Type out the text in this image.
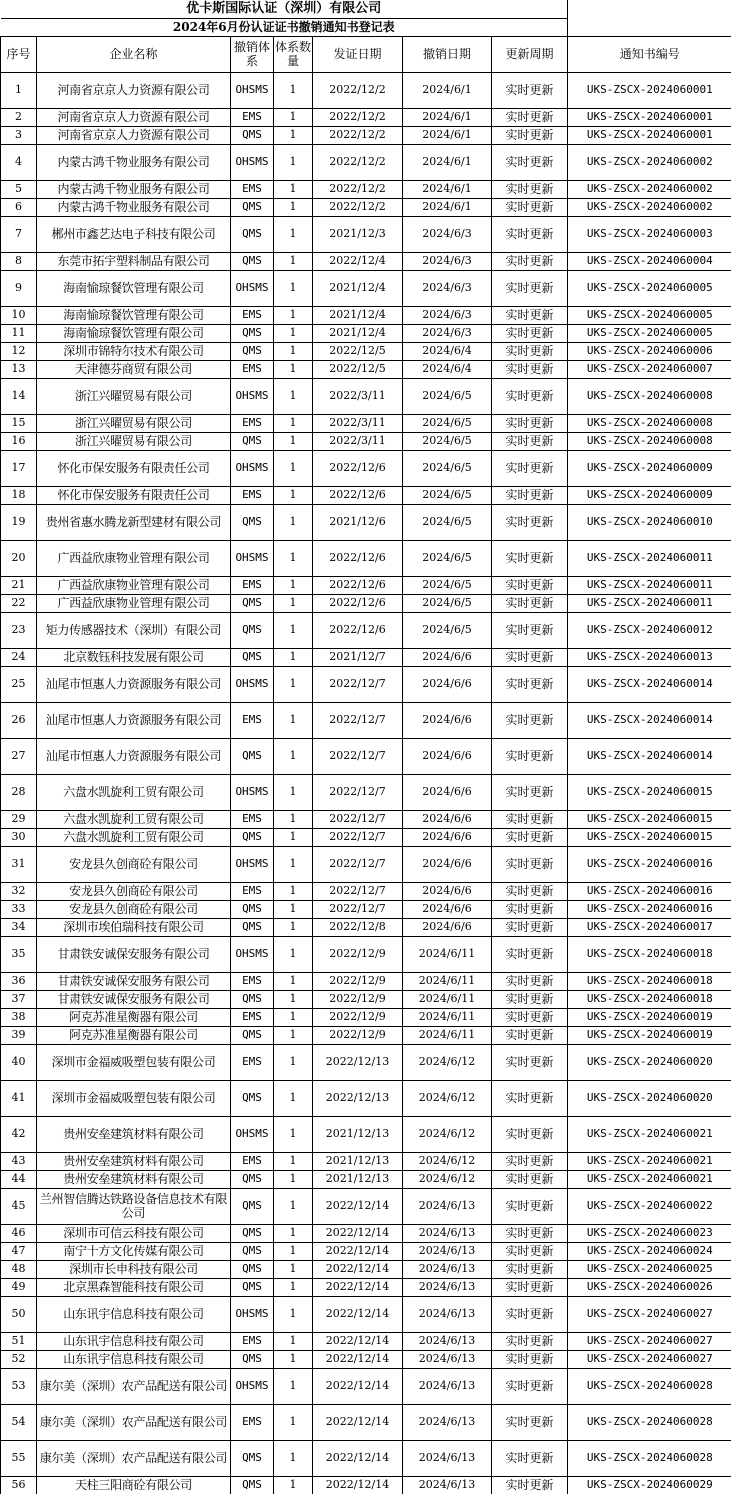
优卡斯国际认证（深圳）有限公司							
2024年6月份认证证书撤销通知书登记表							
序号	企业名称	撤销体系	体系数量	发证日期	撤销日期	更新周期	通知书编号
1	河南省京京人力资源有限公司	OHSMS	1	2022/12/2	2024/6/1	实时更新	UKS-ZSCX-2024060001
2	河南省京京人力资源有限公司	EMS	1	2022/12/2	2024/6/1	实时更新	UKS-ZSCX-2024060001
3	河南省京京人力资源有限公司	QMS	1	2022/12/2	2024/6/1	实时更新	UKS-ZSCX-2024060001
4	内蒙古鸿千物业服务有限公司	OHSMS	1	2022/12/2	2024/6/1	实时更新	UKS-ZSCX-2024060002
5	内蒙古鸿千物业服务有限公司	EMS	1	2022/12/2	2024/6/1	实时更新	UKS-ZSCX-2024060002
6	内蒙古鸿千物业服务有限公司	QMS	1	2022/12/2	2024/6/1	实时更新	UKS-ZSCX-2024060002
7	郴州市鑫艺达电子科技有限公司	QMS	1	2021/12/3	2024/6/3	实时更新	UKS-ZSCX-2024060003
8	东莞市拓宇塑料制品有限公司	QMS	1	2022/12/4	2024/6/3	实时更新	UKS-ZSCX-2024060004
9	海南愉琼餐饮管理有限公司	OHSMS	1	2021/12/4	2024/6/3	实时更新	UKS-ZSCX-2024060005
10	海南愉琼餐饮管理有限公司	EMS	1	2021/12/4	2024/6/3	实时更新	UKS-ZSCX-2024060005
11	海南愉琼餐饮管理有限公司	QMS	1	2021/12/4	2024/6/3	实时更新	UKS-ZSCX-2024060005
12	深圳市锦特尔技术有限公司	QMS	1	2022/12/5	2024/6/4	实时更新	UKS-ZSCX-2024060006
13	天津德芬商贸有限公司	EMS	1	2022/12/5	2024/6/4	实时更新	UKS-ZSCX-2024060007
14	浙江兴曜贸易有限公司	OHSMS	1	2022/3/11	2024/6/5	实时更新	UKS-ZSCX-2024060008
15	浙江兴曜贸易有限公司	EMS	1	2022/3/11	2024/6/5	实时更新	UKS-ZSCX-2024060008
16	浙江兴曜贸易有限公司	QMS	1	2022/3/11	2024/6/5	实时更新	UKS-ZSCX-2024060008
17	怀化市保安服务有限责任公司	OHSMS	1	2022/12/6	2024/6/5	实时更新	UKS-ZSCX-2024060009
18	怀化市保安服务有限责任公司	EMS	1	2022/12/6	2024/6/5	实时更新	UKS-ZSCX-2024060009
19	贵州省惠水腾龙新型建材有限公司	QMS	1	2021/12/6	2024/6/5	实时更新	UKS-ZSCX-2024060010
20	广西益欣康物业管理有限公司	OHSMS	1	2022/12/6	2024/6/5	实时更新	UKS-ZSCX-2024060011
21	广西益欣康物业管理有限公司	EMS	1	2022/12/6	2024/6/5	实时更新	UKS-ZSCX-2024060011
22	广西益欣康物业管理有限公司	QMS	1	2022/12/6	2024/6/5	实时更新	UKS-ZSCX-2024060011
23	矩力传感器技术（深圳）有限公司	QMS	1	2022/12/6	2024/6/5	实时更新	UKS-ZSCX-2024060012
24	北京数钰科技发展有限公司	QMS	1	2021/12/7	2024/6/6	实时更新	UKS-ZSCX-2024060013
25	汕尾市恒惠人力资源服务有限公司	OHSMS	1	2022/12/7	2024/6/6	实时更新	UKS-ZSCX-2024060014
26	汕尾市恒惠人力资源服务有限公司	EMS	1	2022/12/7	2024/6/6	实时更新	UKS-ZSCX-2024060014
27	汕尾市恒惠人力资源服务有限公司	QMS	1	2022/12/7	2024/6/6	实时更新	UKS-ZSCX-2024060014
28	六盘水凯旋利工贸有限公司	OHSMS	1	2022/12/7	2024/6/6	实时更新	UKS-ZSCX-2024060015
29	六盘水凯旋利工贸有限公司	EMS	1	2022/12/7	2024/6/6	实时更新	UKS-ZSCX-2024060015
30	六盘水凯旋利工贸有限公司	QMS	1	2022/12/7	2024/6/6	实时更新	UKS-ZSCX-2024060015
31	安龙县久创商砼有限公司	OHSMS	1	2022/12/7	2024/6/6	实时更新	UKS-ZSCX-2024060016
32	安龙县久创商砼有限公司	EMS	1	2022/12/7	2024/6/6	实时更新	UKS-ZSCX-2024060016
33	安龙县久创商砼有限公司	QMS	1	2022/12/7	2024/6/6	实时更新	UKS-ZSCX-2024060016
34	深圳市埃伯瑞科技有限公司	QMS	1	2022/12/8	2024/6/6	实时更新	UKS-ZSCX-2024060017
35	甘肃铁安诚保安服务有限公司	OHSMS	1	2022/12/9	2024/6/11	实时更新	UKS-ZSCX-2024060018
36	甘肃铁安诚保安服务有限公司	EMS	1	2022/12/9	2024/6/11	实时更新	UKS-ZSCX-2024060018
37	甘肃铁安诚保安服务有限公司	QMS	1	2022/12/9	2024/6/11	实时更新	UKS-ZSCX-2024060018
38	阿克苏准星衡器有限公司	EMS	1	2022/12/9	2024/6/11	实时更新	UKS-ZSCX-2024060019
39	阿克苏准星衡器有限公司	QMS	1	2022/12/9	2024/6/11	实时更新	UKS-ZSCX-2024060019
40	深圳市金福威吸塑包装有限公司	EMS	1	2022/12/13	2024/6/12	实时更新	UKS-ZSCX-2024060020
41	深圳市金福威吸塑包装有限公司	QMS	1	2022/12/13	2024/6/12	实时更新	UKS-ZSCX-2024060020
42	贵州安垒建筑材料有限公司	OHSMS	1	2021/12/13	2024/6/12	实时更新	UKS-ZSCX-2024060021
43	贵州安垒建筑材料有限公司	EMS	1	2021/12/13	2024/6/12	实时更新	UKS-ZSCX-2024060021
44	贵州安垒建筑材料有限公司	QMS	1	2021/12/13	2024/6/12	实时更新	UKS-ZSCX-2024060021
45	兰州智信腾达铁路设备信息技术有限公司	QMS	1	2022/12/14	2024/6/13	实时更新	UKS-ZSCX-2024060022
46	深圳市可信云科技有限公司	QMS	1	2022/12/14	2024/6/13	实时更新	UKS-ZSCX-2024060023
47	南宁十方文化传媒有限公司	QMS	1	2022/12/14	2024/6/13	实时更新	UKS-ZSCX-2024060024
48	深圳市长申科技有限公司	QMS	1	2022/12/14	2024/6/13	实时更新	UKS-ZSCX-2024060025
49	北京黑森智能科技有限公司	QMS	1	2022/12/14	2024/6/13	实时更新	UKS-ZSCX-2024060026
50	山东讯宇信息科技有限公司	OHSMS	1	2022/12/14	2024/6/13	实时更新	UKS-ZSCX-2024060027
51	山东讯宇信息科技有限公司	EMS	1	2022/12/14	2024/6/13	实时更新	UKS-ZSCX-2024060027
52	山东讯宇信息科技有限公司	QMS	1	2022/12/14	2024/6/13	实时更新	UKS-ZSCX-2024060027
53	康尔美（深圳）农产品配送有限公司	OHSMS	1	2022/12/14	2024/6/13	实时更新	UKS-ZSCX-2024060028
54	康尔美（深圳）农产品配送有限公司	EMS	1	2022/12/14	2024/6/13	实时更新	UKS-ZSCX-2024060028
55	康尔美（深圳）农产品配送有限公司	QMS	1	2022/12/14	2024/6/13	实时更新	UKS-ZSCX-2024060028
56	天柱三阳商砼有限公司	QMS	1	2022/12/14	2024/6/13	实时更新	UKS-ZSCX-2024060029
